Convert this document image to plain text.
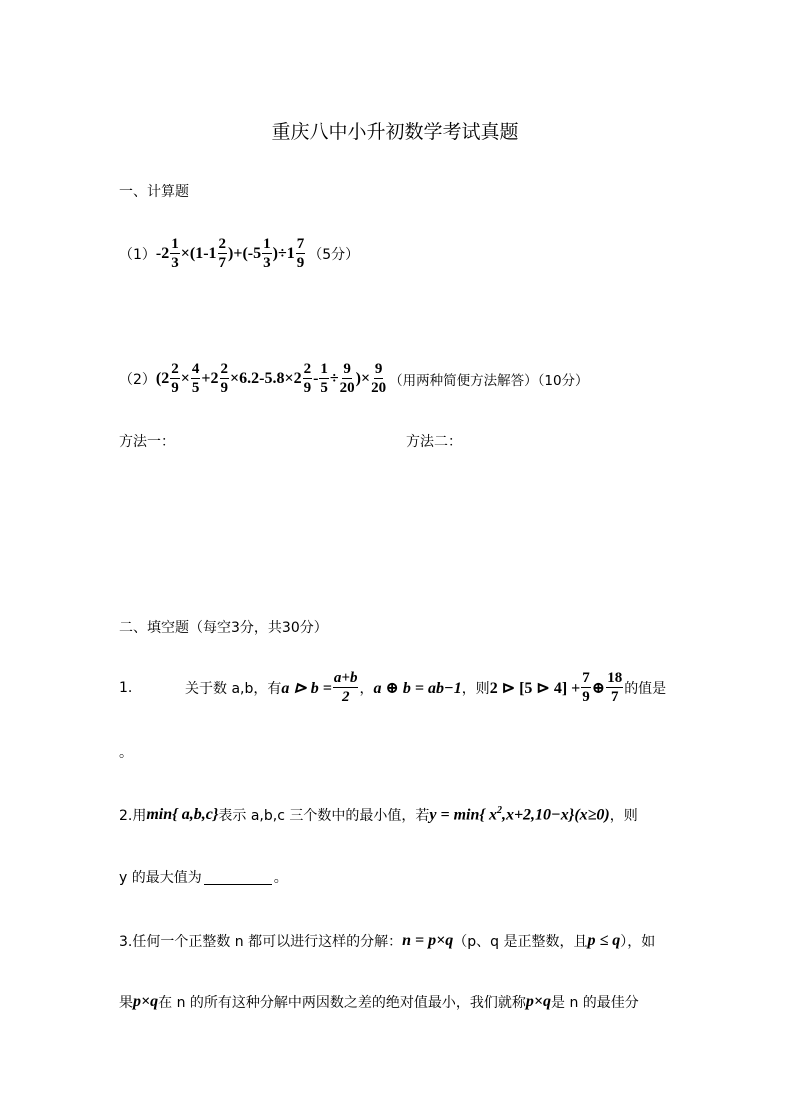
重庆八中小升初数学考试真题
一、计算题
（1） $-2 \frac{1}{3} \times(1-1 \frac{2}{7} )+(-5 \frac{1}{3} )\div 1 \frac{7}{9} (5$分）
（2） ($2 \frac{2}{9} \times \frac{4}{5} +2 \frac{2}{9} \times 6.2-5.8\times 2 \frac{2}{9} - \frac{1}{5} \div \frac{9}{20}$ )× $\frac{9}{20}$ （用两种简便方法解答）（10分）
方法一：	方法二：
二、填空题（每空3分，共30分）
1.	关于数 a,b，有 a ⊳ $b = \frac{a+b}{2}$ ， a ⊕ b = ab−1 ，则 2 ⊳ [5 ⊳ $4] + \frac{7}{9}$ ⊕ $\frac{18}{7}$ 的值是
。
2.用 min{ a,b,c} 表示 a,b,c 三个数中的最小值，若 y = min{ $x^2,x+2,10-x\}(x\ge 0)$ ，则
y 的最大值为	。
3.任何一个正整数 n 都可以进行这样的分解： n = p×q （p、q 是正整数，且 p ≤ q ），如
果 p×q 在 n 的所有这种分解中两因数之差的绝对值最小，我们就称 p×q 是 n 的最佳分
